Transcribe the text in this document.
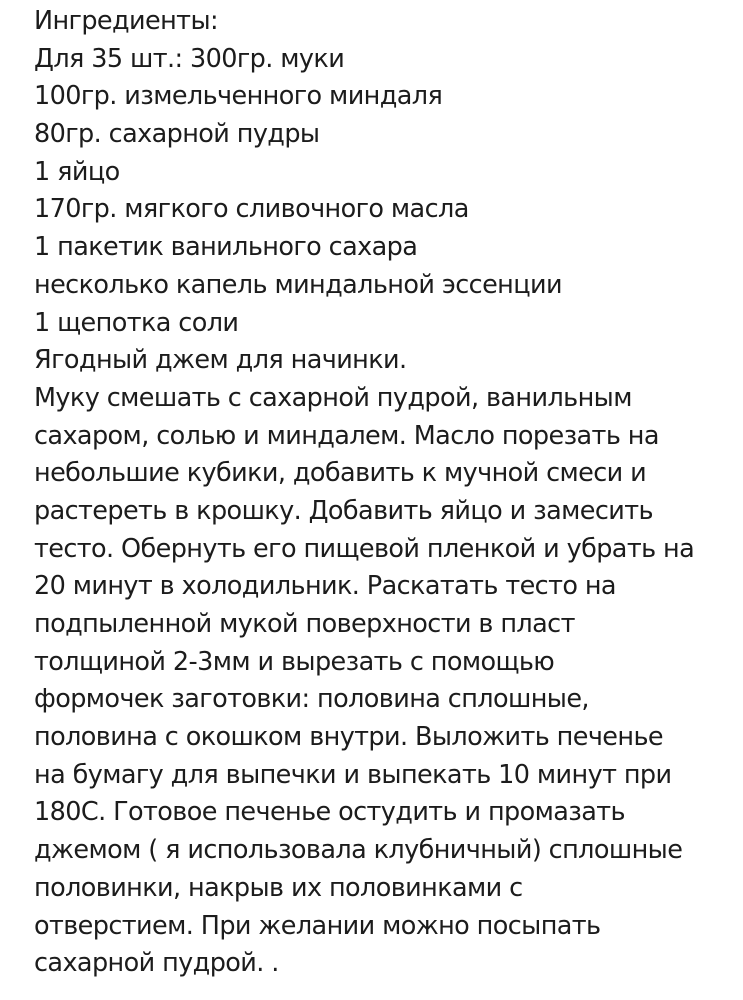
Ингредиенты:
Для 35 шт.: 300гр. муки
100гр. измельченного миндаля
80гр. сахарной пудры
1 яйцо
170гр. мягкого сливочного масла
1 пакетик ванильного сахара
несколько капель миндальной эссенции
1 щепотка соли
Ягодный джем для начинки.
Муку смешать с сахарной пудрой, ванильным
сахаром, солью и миндалем. Масло порезать на
небольшие кубики, добавить к мучной смеси и
растереть в крошку. Добавить яйцо и замесить
тесто. Обернуть его пищевой пленкой и убрать на
20 минут в холодильник. Раскатать тесто на
подпыленной мукой поверхности в пласт
толщиной 2-3мм и вырезать с помощью
формочек заготовки: половина сплошные,
половина с окошком внутри. Выложить печенье
на бумагу для выпечки и выпекать 10 минут при
180С. Готовое печенье остудить и промазать
джемом ( я использовала клубничный) сплошные
половинки, накрыв их половинками с
отверстием. При желании можно посыпать
сахарной пудрой. .
